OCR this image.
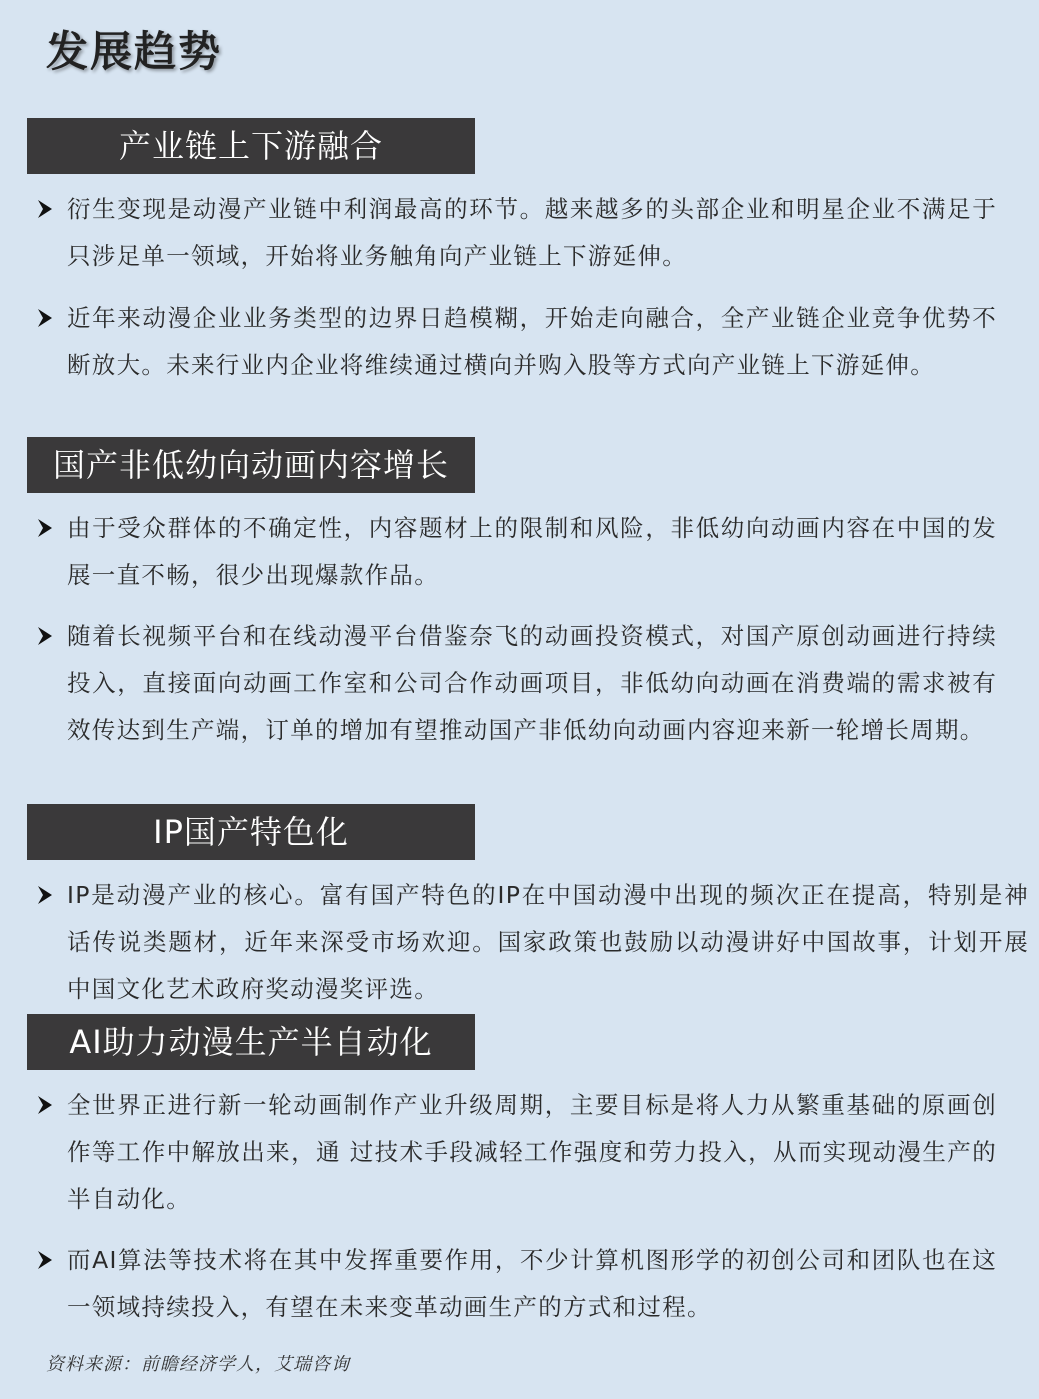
发展趋势
产业链上下游融合
衍生变现是动漫产业链中利润最高的环节。越来越多的头部企业和明星企业不满足于只涉足单一领域，开始将业务触角向产业链上下游延伸。
近年来动漫企业业务类型的边界日趋模糊，开始走向融合，全产业链企业竞争优势不断放大。未来行业内企业将维续通过横向并购入股等方式向产业链上下游延伸。
国产非低幼向动画内容增长
由于受众群体的不确定性，内容题材上的限制和风险，非低幼向动画内容在中国的发展一直不畅，很少出现爆款作品。
随着长视频平台和在线动漫平台借鉴奈飞的动画投资模式，对国产原创动画进行持续投入，直接面向动画工作室和公司合作动画项目，非低幼向动画在消费端的需求被有效传达到生产端，订单的增加有望推动国产非低幼向动画内容迎来新一轮增长周期。
IP国产特色化
IP是动漫产业的核心。富有国产特色的IP在中国动漫中出现的频次正在提高，特别是神话传说类题材，近年来深受市场欢迎。国家政策也鼓励以动漫讲好中国故事，计划开展中国文化艺术政府奖动漫奖评选。
AI助力动漫生产半自动化
全世界正进行新一轮动画制作产业升级周期，主要目标是将人力从繁重基础的原画创作等工作中解放出来，通 过技术手段减轻工作强度和劳力投入，从而实现动漫生产的半自动化。
而AI算法等技术将在其中发挥重要作用，不少计算机图形学的初创公司和团队也在这一领域持续投入，有望在未来变革动画生产的方式和过程。
资料来源：前瞻经济学人，艾瑞咨询
